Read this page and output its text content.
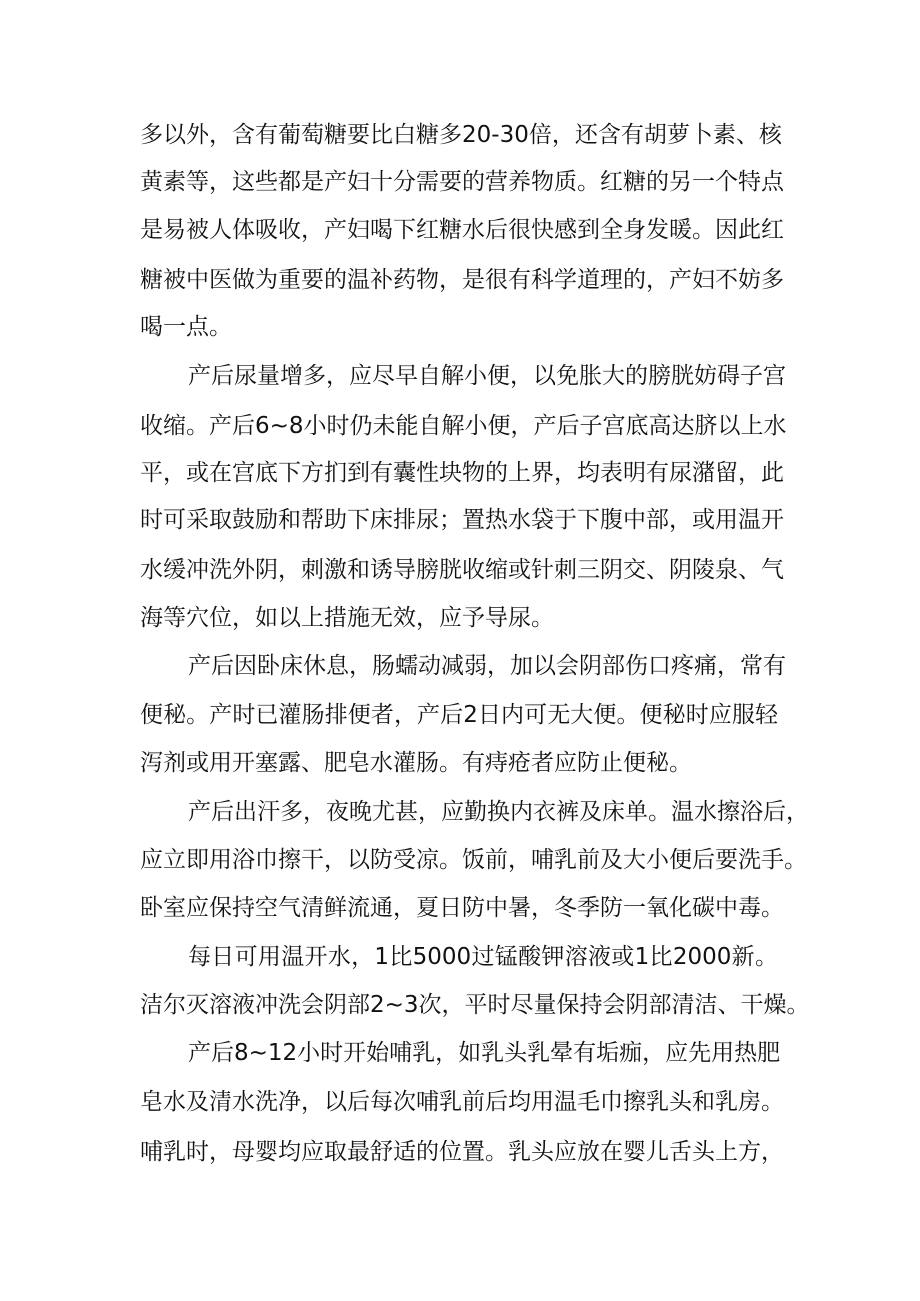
多以外，含有葡萄糖要比白糖多20-30倍，还含有胡萝卜素、核
黄素等，这些都是产妇十分需要的营养物质。红糖的另一个特点
是易被人体吸收，产妇喝下红糖水后很快感到全身发暖。因此红
糖被中医做为重要的温补药物，是很有科学道理的，产妇不妨多
喝一点。
产后尿量增多，应尽早自解小便，以免胀大的膀胱妨碍子宫
收缩。产后6~8小时仍未能自解小便，产后子宫底高达脐以上水
平，或在宫底下方扪到有囊性块物的上界，均表明有尿潴留，此
时可采取鼓励和帮助下床排尿；置热水袋于下腹中部，或用温开
水缓冲洗外阴，刺激和诱导膀胱收缩或针刺三阴交、阴陵泉、气
海等穴位，如以上措施无效，应予导尿。
产后因卧床休息，肠蠕动减弱，加以会阴部伤口疼痛，常有
便秘。产时已灌肠排便者，产后2日内可无大便。便秘时应服轻
泻剂或用开塞露、肥皂水灌肠。有痔疮者应防止便秘。
产后出汗多，夜晚尤甚，应勤换内衣裤及床单。温水擦浴后，
应立即用浴巾擦干，以防受凉。饭前，哺乳前及大小便后要洗手。
卧室应保持空气清鲜流通，夏日防中暑，冬季防一氧化碳中毒。
每日可用温开水，1比5000过锰酸钾溶液或1比2000新。
洁尔灭溶液冲洗会阴部2~3次，平时尽量保持会阴部清洁、干燥。
产后8~12小时开始哺乳，如乳头乳晕有垢痂，应先用热肥
皂水及清水洗净，以后每次哺乳前后均用温毛巾擦乳头和乳房。
哺乳时，母婴均应取最舒适的位置。乳头应放在婴儿舌头上方，
